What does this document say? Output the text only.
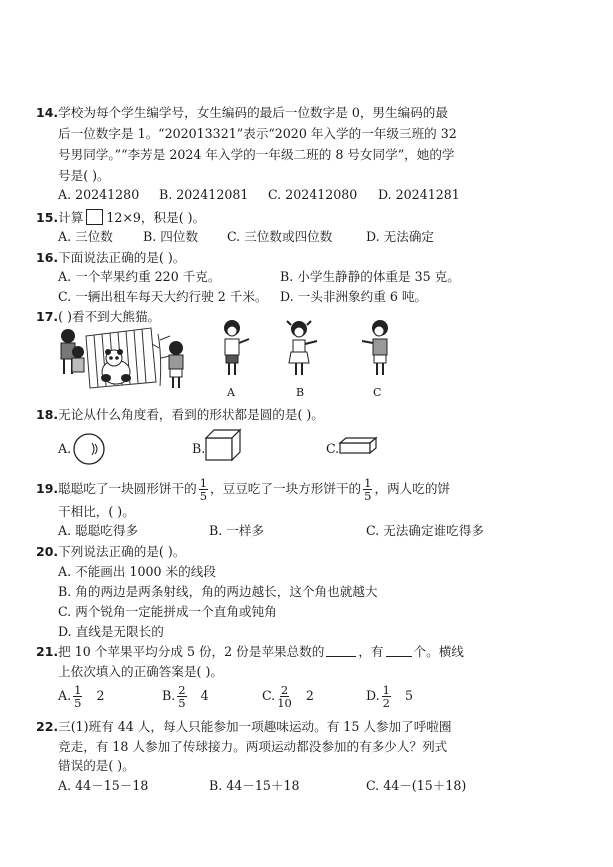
14.学校为每个学生编学号，女生编码的最后一位数字是 0，男生编码的最
后一位数字是 1。“202013321”表示“2020 年入学的一年级三班的 32
号男同学。”“李芳是 2024 年入学的一年级二班的 8 号女同学”，她的学
号是( )。
A. 20241280 B. 202412081 C. 202412080 D. 20241281
15.计算 12×9，积是( )。
A. 三位数 B. 四位数 C. 三位数或四位数	D. 无法确定
16.下面说法正确的是( )。
A. 一个苹果约重 220 千克。	B. 小学生静静的体重是 35 克。
C. 一辆出租车每天大约行驶 2 千米。 D. 一头非洲象约重 6 吨。
17.( )看不到大熊猫。
A	B	C
18.无论从什么角度看，看到的形状都是圆的是( )。
A.	B.	C.
19.聪聪吃了一块圆形饼干的 $\frac{1}{5}$ ，豆豆吃了一块方形饼干的 $\frac{1}{5}$ ，两人吃的饼
干相比，( )。
A. 聪聪吃得多	B. 一样多	C. 无法确定谁吃得多
20.下列说法正确的是( )。
A. 不能画出 1000 米的线段
B. 角的两边是两条射线，角的两边越长，这个角也就越大
C. 两个锐角一定能拼成一个直角或钝角
D. 直线是无限长的
21.把 10 个苹果平均分成 5 份，2 份是苹果总数的	，有 个。横线
上依次填入的正确答案是( )。
A. $\frac{1}{5} 2$	B. $\frac{2}{5} 4$	C. $\frac{2}{10} 2$	D. $\frac{1}{2} 5$
22.三(1)班有 44 人，每人只能参加一项趣味运动。有 15 人参加了呼啦圈
竞走，有 18 人参加了传球接力。两项运动都没参加的有多少人？列式
错误的是( )。
A. 44－15－18	B. 44－15＋18	C. 44－(15＋18)
